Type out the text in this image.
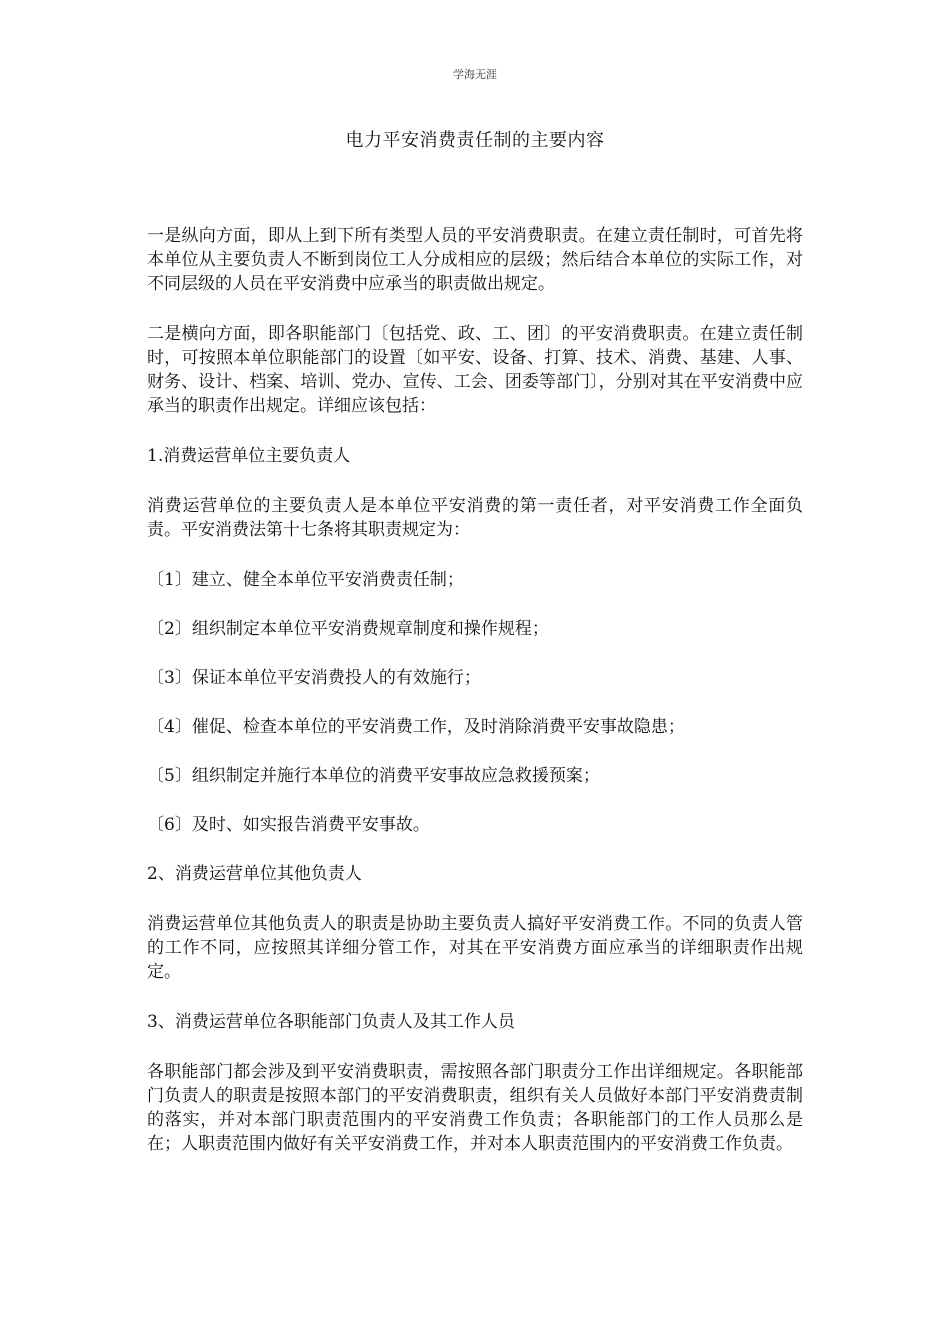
学海无涯
电力平安消费责任制的主要内容

一是纵向方面，即从上到下所有类型人员的平安消费职责。在建立责任制时，可首先将本单位从主要负责人不断到岗位工人分成相应的层级；然后结合本单位的实际工作，对不同层级的人员在平安消费中应承当的职责做出规定。

二是横向方面，即各职能部门〔包括党、政、工、团〕的平安消费职责。在建立责任制时，可按照本单位职能部门的设置〔如平安、设备、打算、技术、消费、基建、人事、财务、设计、档案、培训、党办、宣传、工会、团委等部门〕，分别对其在平安消费中应承当的职责作出规定。详细应该包括：

1.消费运营单位主要负责人

消费运营单位的主要负责人是本单位平安消费的第一责任者，对平安消费工作全面负责。平安消费法第十七条将其职责规定为：

〔1〕建立、健全本单位平安消费责任制；

〔2〕组织制定本单位平安消费规章制度和操作规程；

〔3〕保证本单位平安消费投人的有效施行；

〔4〕催促、检查本单位的平安消费工作，及时消除消费平安事故隐患；

〔5〕组织制定并施行本单位的消费平安事故应急救援预案；

〔6〕及时、如实报告消费平安事故。

2、消费运营单位其他负责人

消费运营单位其他负责人的职责是协助主要负责人搞好平安消费工作。不同的负责人管的工作不同，应按照其详细分管工作，对其在平安消费方面应承当的详细职责作出规定。

3、消费运营单位各职能部门负责人及其工作人员

各职能部门都会涉及到平安消费职责，需按照各部门职责分工作出详细规定。各职能部门负责人的职责是按照本部门的平安消费职责，组织有关人员做好本部门平安消费责制的落实，并对本部门职责范围内的平安消费工作负责；各职能部门的工作人员那么是在；人职责范围内做好有关平安消费工作，并对本人职责范围内的平安消费工作负责。
